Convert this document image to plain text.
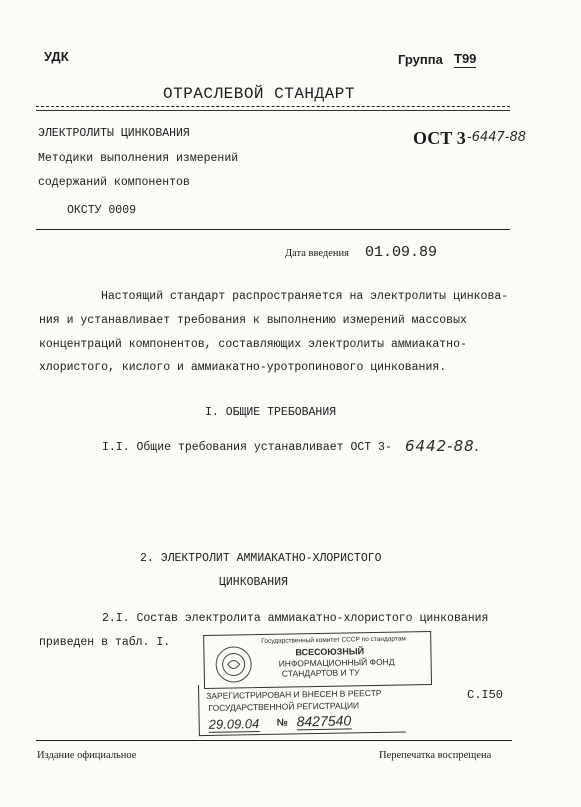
УДК	Группа Т99
ОТРАСЛЕВОЙ СТАНДАРТ
ЭЛЕКТРОЛИТЫ ЦИНКОВАНИЯ
Методики выполнения измерений
содержаний компонентов
ОКСТУ 0009
ОСТ 3 -6447-88
Дата введения 01.09.89
Настоящий стандарт распространяется на электролиты цинкова-
ния и устанавливает требования к выполнению измерений массовых
концентраций компонентов, составляющих электролиты аммиакатно-
хлористого, кислого и аммиакатно-уротропинового цинкования.
I. ОБЩИЕ ТРЕБОВАНИЯ
I.I. Общие требования устанавливает ОСТ 3- 6442-88.
2. ЭЛЕКТРОЛИТ АММИАКАТНО-ХЛОРИСТОГО
ЦИНКОВАНИЯ
2.I. Состав электролита аммиакатно-хлористого цинкования
приведен в табл. I.	Государственный комитет СССР по стандартам
ВСЕСОЮЗНЫЙ
ИНФОРМАЦИОННЫЙ ФОНД
СТАНДАРТОВ И ТУ
ЗАРЕГИСТРИРОВАН И ВНЕСЕН В РЕЕСТР
ГОСУДАРСТВЕННОЙ РЕГИСТРАЦИИ
29.09.04 № 8427540
С.I50
Издание официальное	Перепечатка воспрещена
